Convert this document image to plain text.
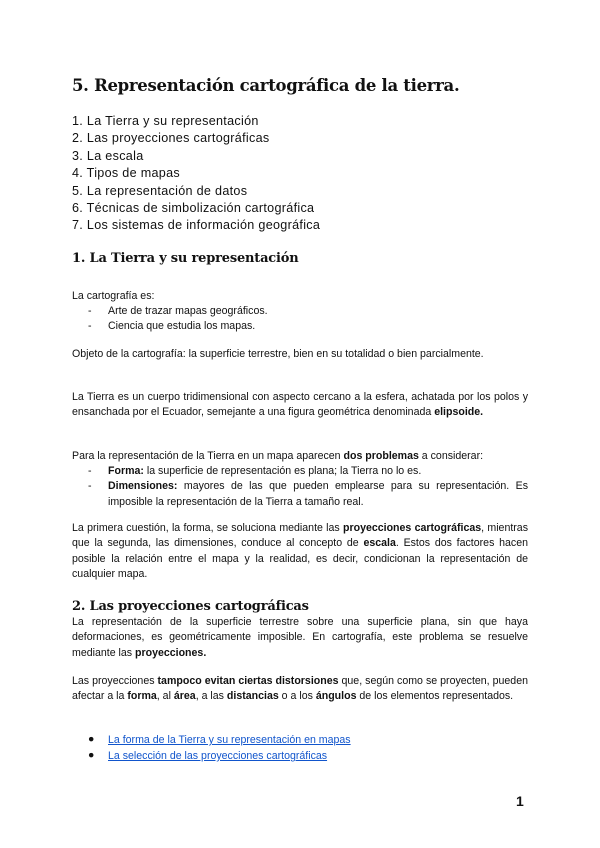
5. Representación cartográfica de la tierra.
1. La Tierra y su representación
2. Las proyecciones cartográficas
3. La escala
4. Tipos de mapas
5. La representación de datos
6. Técnicas de simbolización cartográfica
7. Los sistemas de información geográfica
1. La Tierra y su representación
La cartografía es:
- Arte de trazar mapas geográficos.
- Ciencia que estudia los mapas.
Objeto de la cartografía: la superficie terrestre, bien en su totalidad o bien parcialmente.
La Tierra es un cuerpo tridimensional con aspecto cercano a la esfera, achatada por los polos y ensanchada por el Ecuador, semejante a una figura geométrica denominada elipsoide.
Para la representación de la Tierra en un mapa aparecen dos problemas a considerar:
- Forma: la superficie de representación es plana; la Tierra no lo es.
- Dimensiones: mayores de las que pueden emplearse para su representación. Es imposible la representación de la Tierra a tamaño real.
La primera cuestión, la forma, se soluciona mediante las proyecciones cartográficas, mientras que la segunda, las dimensiones, conduce al concepto de escala. Estos dos factores hacen posible la relación entre el mapa y la realidad, es decir, condicionan la representación de cualquier mapa.
2. Las proyecciones cartográficas
La representación de la superficie terrestre sobre una superficie plana, sin que haya deformaciones, es geométricamente imposible. En cartografía, este problema se resuelve mediante las proyecciones.
Las proyecciones tampoco evitan ciertas distorsiones que, según como se proyecten, pueden afectar a la forma, al área, a las distancias o a los ángulos de los elementos representados.
● La forma de la Tierra y su representación en mapas
● La selección de las proyecciones cartográficas
1
